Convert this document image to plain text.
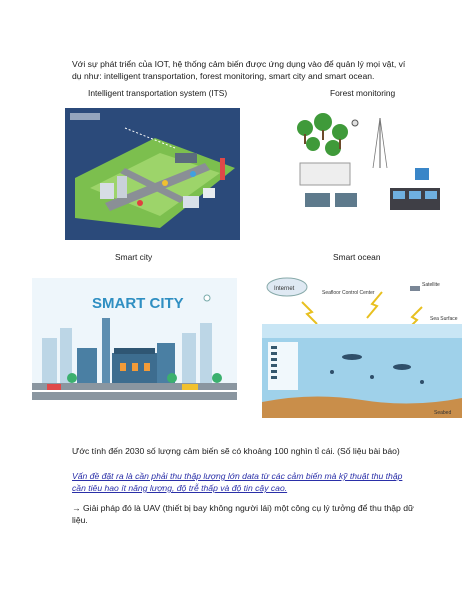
Với sự phát triển của IOT, hệ thống cảm biến được ứng dụng vào để quản lý mọi vật, ví dụ như: intelligent transportation, forest monitoring, smart city and smart ocean.
Intelligent transportation system (ITS)	Forest monitoring
Smart city
SMART CITY
Smart ocean
Internet
Satellite
Seafloor Control Center
Sea Surface
Seabed
Ước tính đến 2030 số lượng cảm biến sẽ có khoảng 100 nghìn tỉ cái. (Số liệu bài báo)
Vấn đề đặt ra là cần phải thu thập lượng lớn data từ các cảm biến mà kỹ thuật thu thập cần tiêu hao ít năng lượng, độ trễ thấp và độ tin cậy cao.
→ Giải pháp đó là UAV (thiết bị bay không người lái) một công cụ lý tưởng để thu thập dữ liệu.
